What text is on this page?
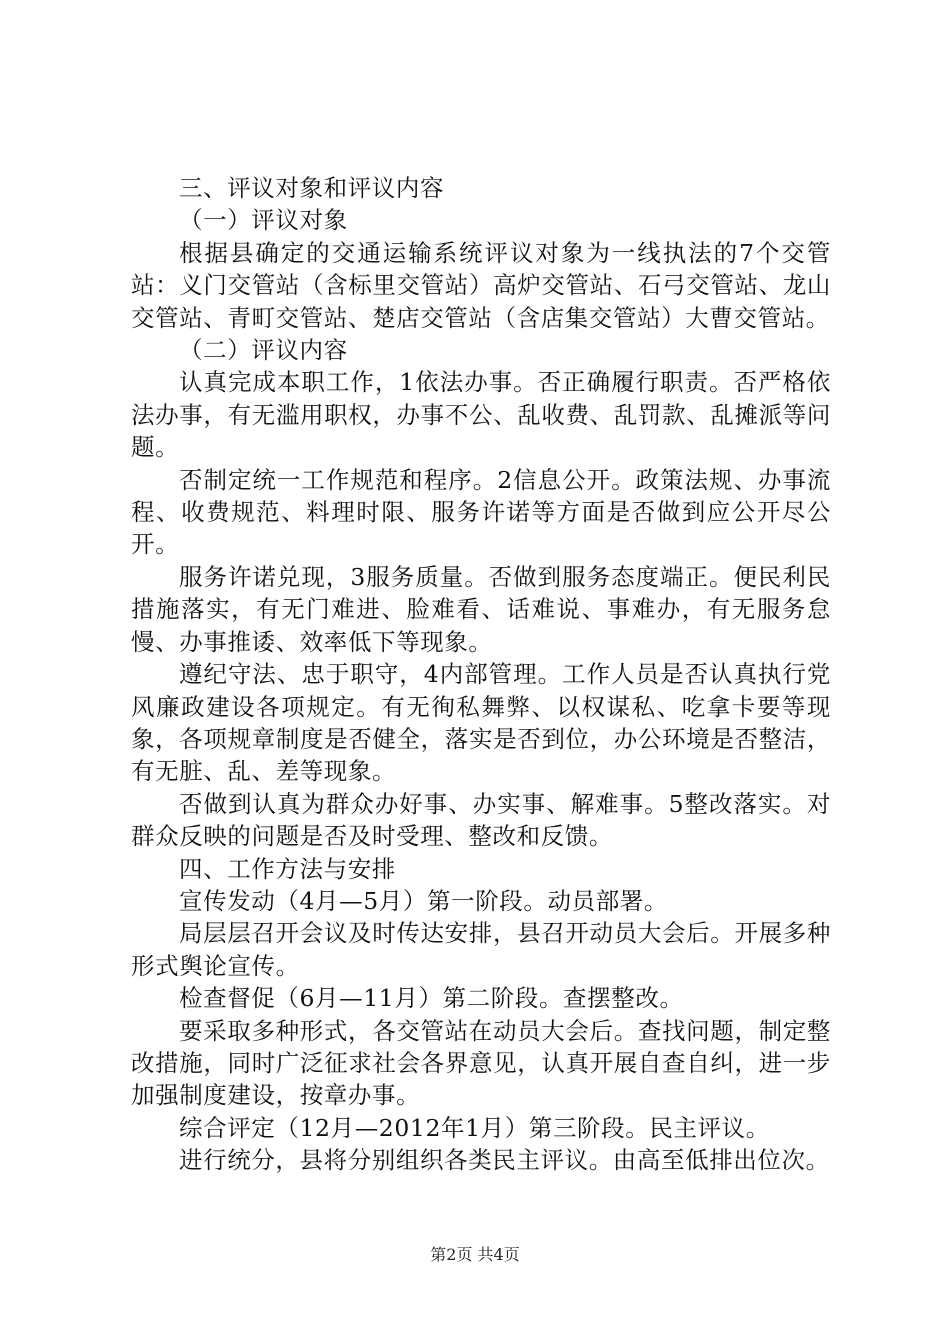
三、评议对象和评议内容

（一）评议对象

根据县确定的交通运输系统评议对象为一线执法的7个交管站：义门交管站（含标里交管站）高炉交管站、石弓交管站、龙山交管站、青町交管站、楚店交管站（含店集交管站）大曹交管站。

（二）评议内容

认真完成本职工作，1依法办事。否正确履行职责。否严格依法办事，有无滥用职权，办事不公、乱收费、乱罚款、乱摊派等问题。

否制定统一工作规范和程序。2信息公开。政策法规、办事流程、收费规范、料理时限、服务许诺等方面是否做到应公开尽公开。

服务许诺兑现，3服务质量。否做到服务态度端正。便民利民措施落实，有无门难进、脸难看、话难说、事难办，有无服务怠慢、办事推诿、效率低下等现象。

遵纪守法、忠于职守，4内部管理。工作人员是否认真执行党风廉政建设各项规定。有无徇私舞弊、以权谋私、吃拿卡要等现象，各项规章制度是否健全，落实是否到位，办公环境是否整洁，有无脏、乱、差等现象。

否做到认真为群众办好事、办实事、解难事。5整改落实。对群众反映的问题是否及时受理、整改和反馈。

四、工作方法与安排

宣传发动（4月—5月）第一阶段。动员部署。

局层层召开会议及时传达安排，县召开动员大会后。开展多种形式舆论宣传。

检查督促（6月—11月）第二阶段。查摆整改。

要采取多种形式，各交管站在动员大会后。查找问题，制定整改措施，同时广泛征求社会各界意见，认真开展自查自纠，进一步加强制度建设，按章办事。

综合评定（12月—2012年1月）第三阶段。民主评议。

进行统分，县将分别组织各类民主评议。由高至低排出位次。

第2页 共4页
